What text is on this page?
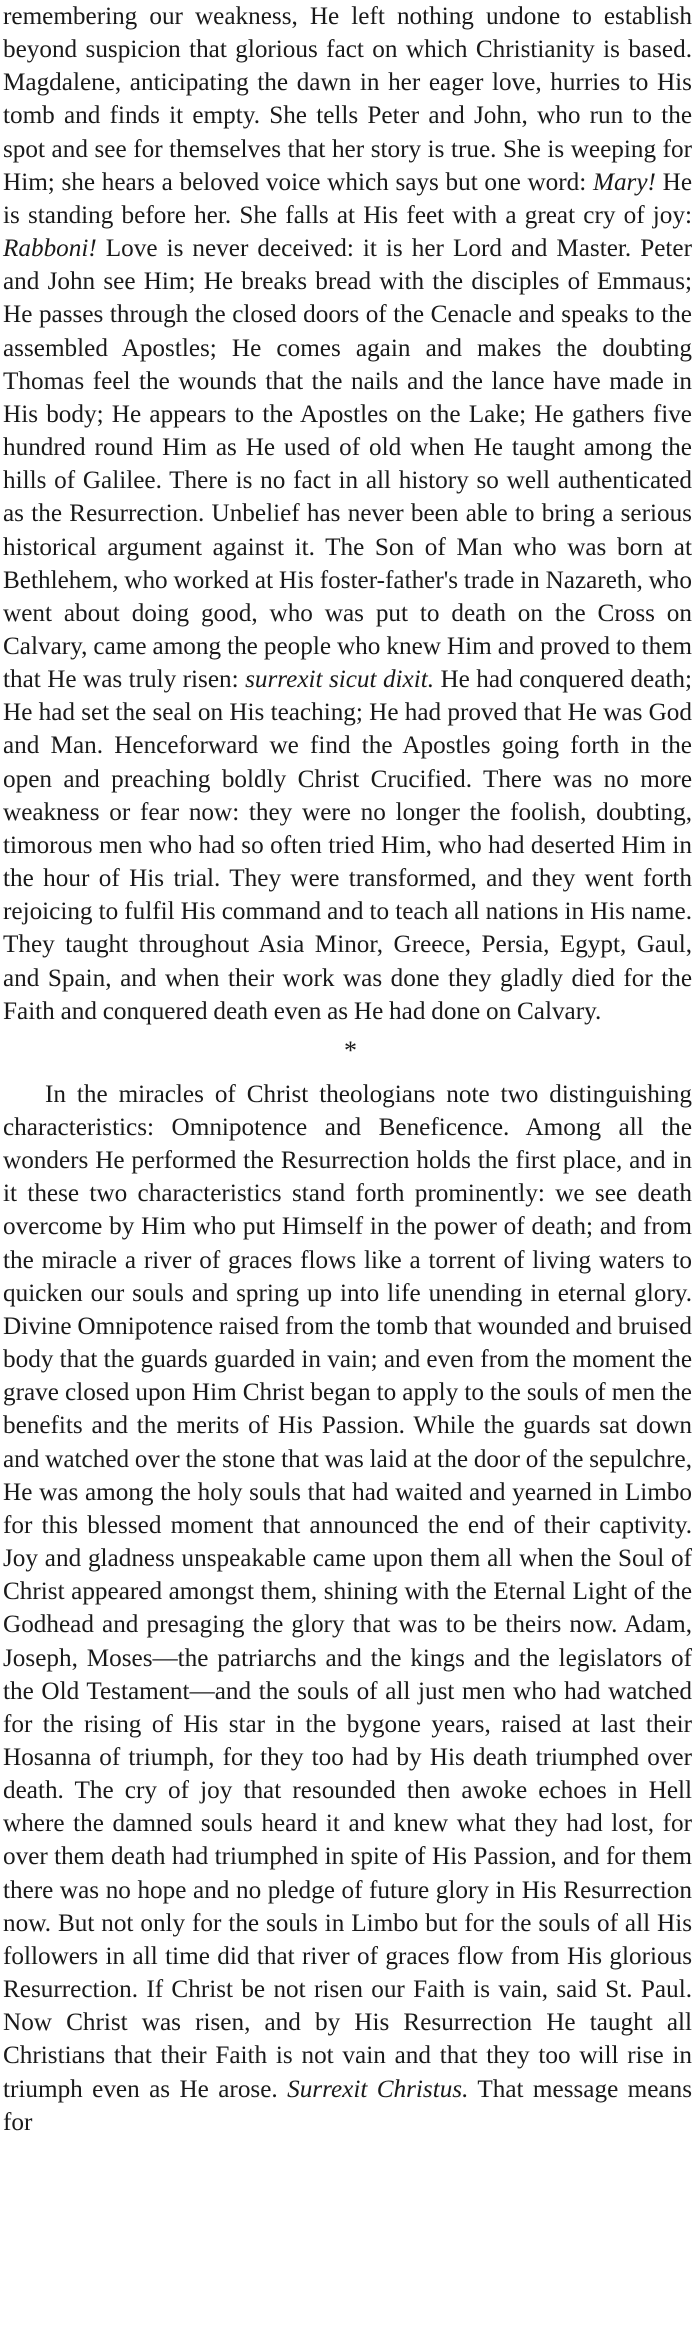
remembering our weakness, He left nothing undone to establish beyond suspicion that glorious fact on which Christianity is based. Magdalene, anticipating the dawn in her eager love, hurries to His tomb and finds it empty. She tells Peter and John, who run to the spot and see for themselves that her story is true. She is weeping for Him; she hears a beloved voice which says but one word: Mary! He is standing before her. She falls at His feet with a great cry of joy: Rabboni! Love is never deceived: it is her Lord and Master. Peter and John see Him; He breaks bread with the disciples of Emmaus; He passes through the closed doors of the Cenacle and speaks to the assembled Apostles; He comes again and makes the doubting Thomas feel the wounds that the nails and the lance have made in His body; He appears to the Apostles on the Lake; He gathers five hundred round Him as He used of old when He taught among the hills of Galilee. There is no fact in all history so well authenticated as the Resurrection. Unbelief has never been able to bring a serious historical argument against it. The Son of Man who was born at Bethlehem, who worked at His foster-father's trade in Nazareth, who went about doing good, who was put to death on the Cross on Calvary, came among the people who knew Him and proved to them that He was truly risen: surrexit sicut dixit. He had conquered death; He had set the seal on His teaching; He had proved that He was God and Man. Henceforward we find the Apostles going forth in the open and preaching boldly Christ Crucified. There was no more weakness or fear now: they were no longer the foolish, doubting, timorous men who had so often tried Him, who had deserted Him in the hour of His trial. They were transformed, and they went forth rejoicing to fulfil His command and to teach all nations in His name. They taught throughout Asia Minor, Greece, Persia, Egypt, Gaul, and Spain, and when their work was done they gladly died for the Faith and conquered death even as He had done on Calvary.

*

In the miracles of Christ theologians note two distinguishing characteristics: Omnipotence and Beneficence. Among all the wonders He performed the Resurrection holds the first place, and in it these two characteristics stand forth prominently: we see death overcome by Him who put Himself in the power of death; and from the miracle a river of graces flows like a torrent of living waters to quicken our souls and spring up into life unending in eternal glory. Divine Omnipotence raised from the tomb that wounded and bruised body that the guards guarded in vain; and even from the moment the grave closed upon Him Christ began to apply to the souls of men the benefits and the merits of His Passion. While the guards sat down and watched over the stone that was laid at the door of the sepulchre, He was among the holy souls that had waited and yearned in Limbo for this blessed moment that announced the end of their captivity. Joy and gladness unspeakable came upon them all when the Soul of Christ appeared amongst them, shining with the Eternal Light of the Godhead and presaging the glory that was to be theirs now. Adam, Joseph, Moses—the patriarchs and the kings and the legislators of the Old Testament—and the souls of all just men who had watched for the rising of His star in the bygone years, raised at last their Hosanna of triumph, for they too had by His death triumphed over death. The cry of joy that resounded then awoke echoes in Hell where the damned souls heard it and knew what they had lost, for over them death had triumphed in spite of His Passion, and for them there was no hope and no pledge of future glory in His Resurrection now. But not only for the souls in Limbo but for the souls of all His followers in all time did that river of graces flow from His glorious Resurrection. If Christ be not risen our Faith is vain, said St. Paul. Now Christ was risen, and by His Resurrection He taught all Christians that their Faith is not vain and that they too will rise in triumph even as He arose. Surrexit Christus. That message means for
